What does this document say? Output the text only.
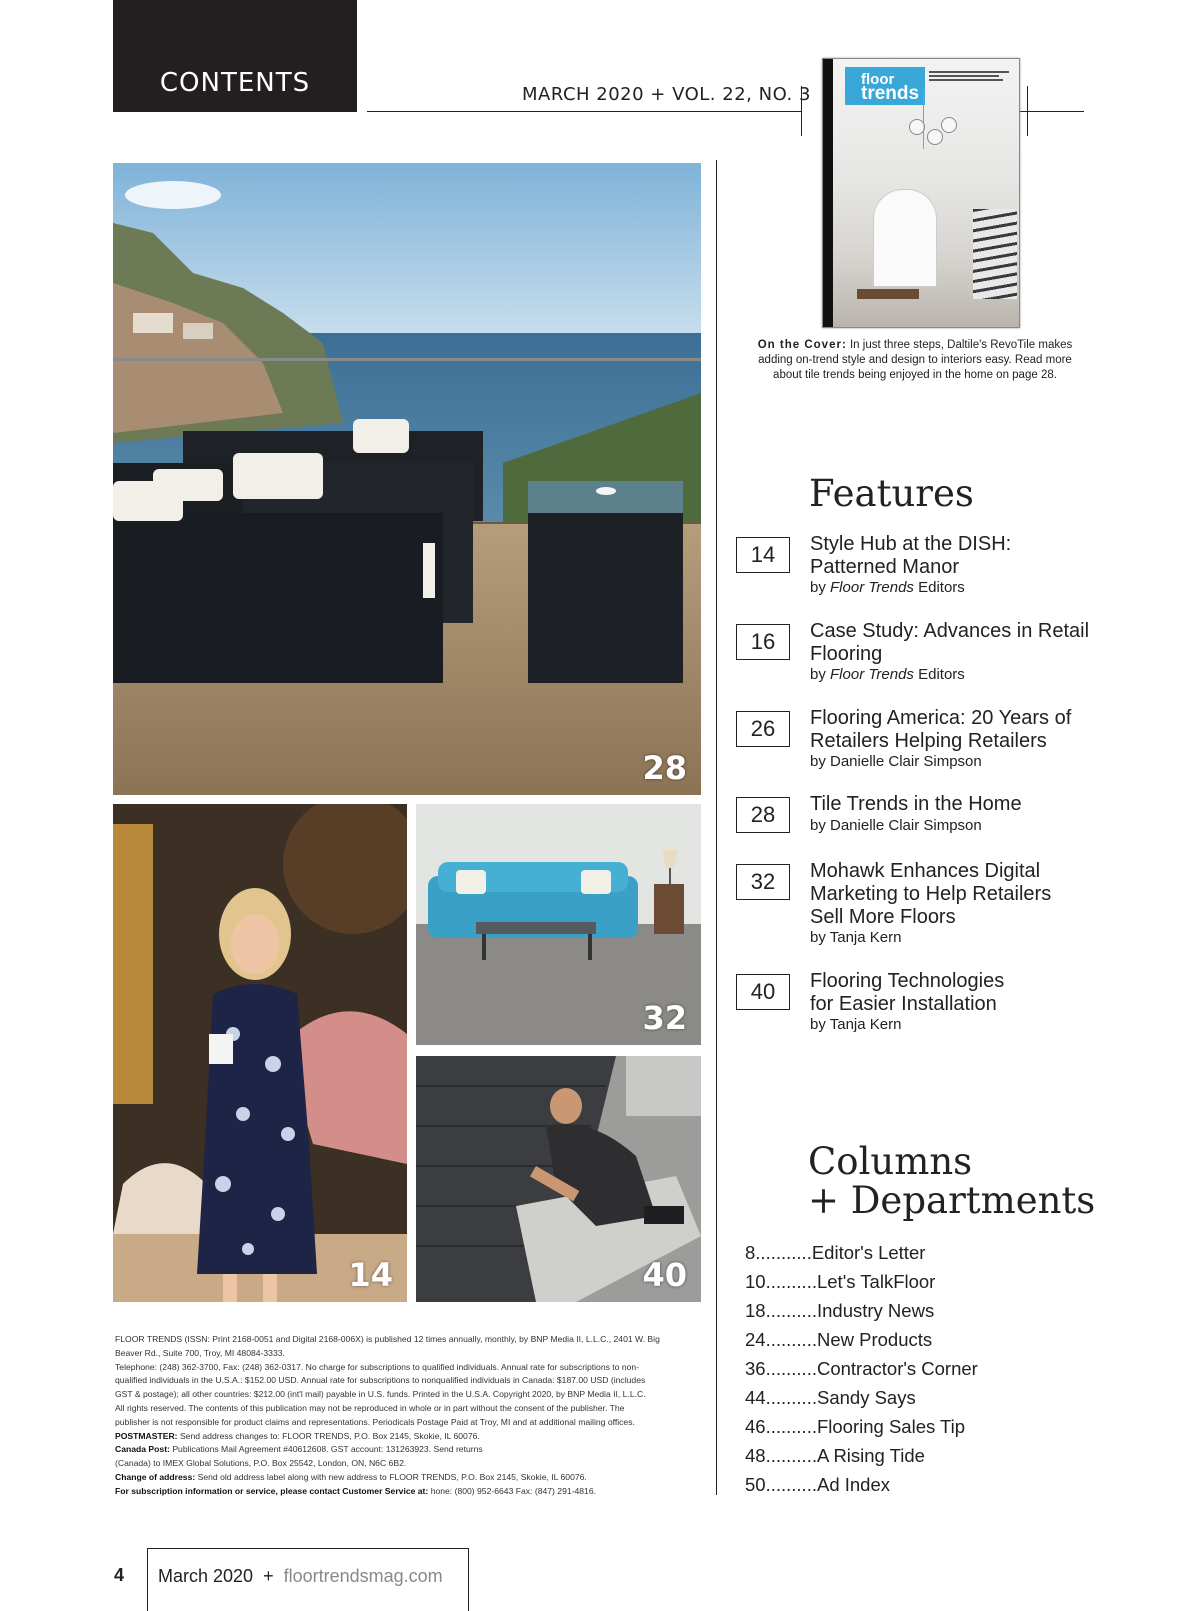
CONTENTS	MARCH 2020 + VOL. 22, NO. 3
floor
trends
On the Cover: In just three steps, Daltile's RevoTile makes adding on-trend style and design to interiors easy. Read more about tile trends being enjoyed in the home on page 28.
28
14
32
40
Features
14	Style Hub at the DISH: Patterned Manor
by Floor Trends Editors
16	Case Study: Advances in Retail Flooring
by Floor Trends Editors
26	Flooring America: 20 Years of Retailers Helping Retailers
by Danielle Clair Simpson
28	Tile Trends in the Home
by Danielle Clair Simpson
32	Mohawk Enhances Digital Marketing to Help Retailers Sell More Floors
by Tanja Kern
40	Flooring Technologies for Easier Installation
by Tanja Kern
Columns
+ Departments
8...........Editor's Letter
10..........Let's TalkFloor
18..........Industry News
24..........New Products
36..........Contractor's Corner
44..........Sandy Says
46..........Flooring Sales Tip
48..........A Rising Tide
50..........Ad Index
FLOOR TRENDS (ISSN: Print 2168-0051 and Digital 2168-006X) is published 12 times annually, monthly, by BNP Media II, L.L.C., 2401 W. Big
Beaver Rd., Suite 700, Troy, MI 48084-3333.
Telephone: (248) 362-3700, Fax: (248) 362-0317. No charge for subscriptions to qualified individuals. Annual rate for subscriptions to non-
qualified individuals in the U.S.A.: $152.00 USD. Annual rate for subscriptions to nonqualified individuals in Canada: $187.00 USD (includes
GST & postage); all other countries: $212.00 (int'l mail) payable in U.S. funds. Printed in the U.S.A. Copyright 2020, by BNP Media II, L.L.C.
All rights reserved. The contents of this publication may not be reproduced in whole or in part without the consent of the publisher. The
publisher is not responsible for product claims and representations. Periodicals Postage Paid at Troy, MI and at additional mailing offices.
POSTMASTER: Send address changes to: FLOOR TRENDS, P.O. Box 2145, Skokie, IL 60076.
Canada Post: Publications Mail Agreement #40612608. GST account: 131263923. Send returns
(Canada) to IMEX Global Solutions, P.O. Box 25542, London, ON, N6C 6B2.
Change of address: Send old address label along with new address to FLOOR TRENDS, P.O. Box 2145, Skokie, IL 60076.
For subscription information or service, please contact Customer Service at: hone: (800) 952-6643 Fax: (847) 291-4816.
4 March 2020 + floortrendsmag.com
